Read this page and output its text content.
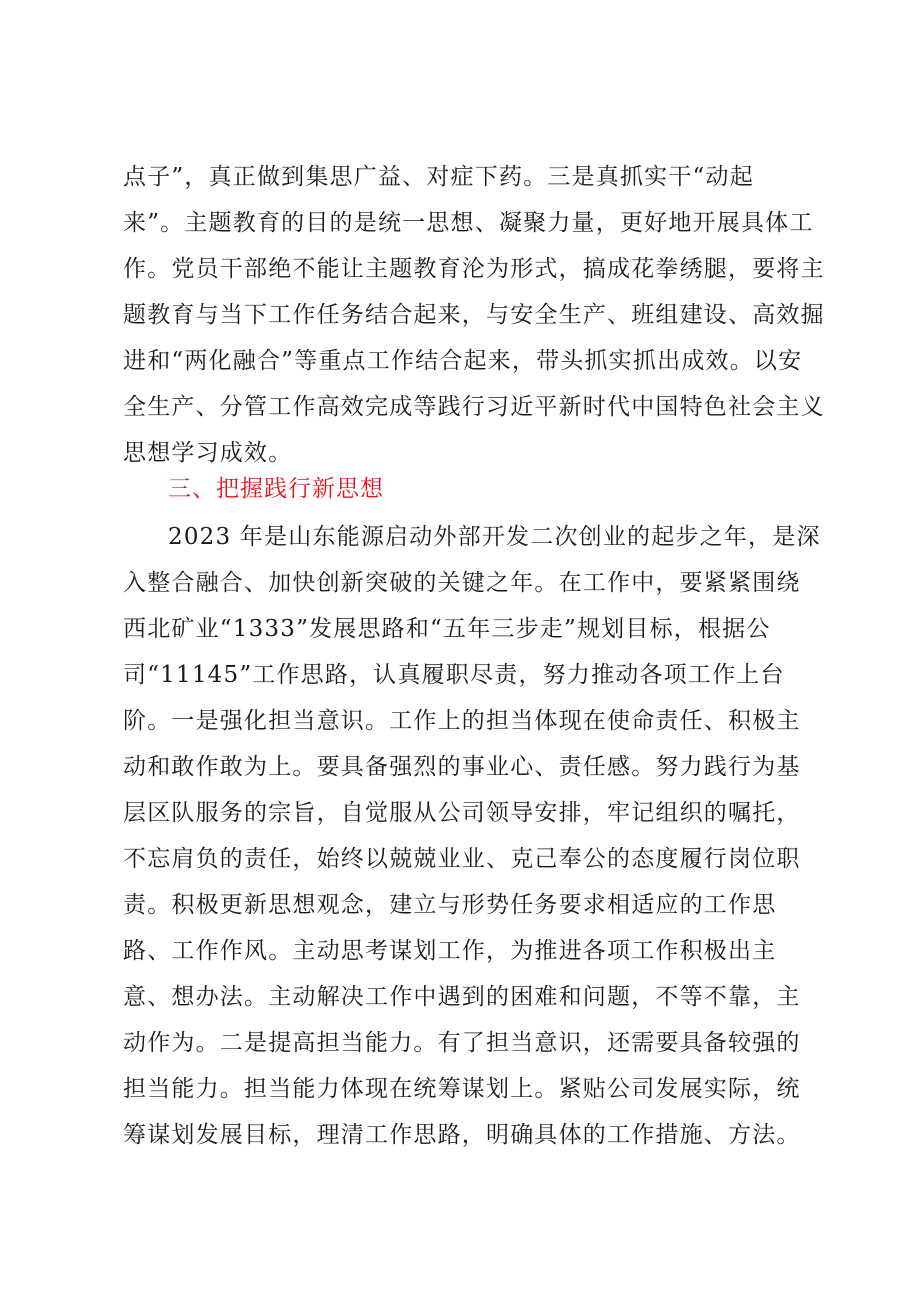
点子”，真正做到集思广益、对症下药。三是真抓实干“动起
来”。主题教育的目的是统一思想、凝聚力量，更好地开展具体工
作。党员干部绝不能让主题教育沦为形式，搞成花拳绣腿，要将主
题教育与当下工作任务结合起来，与安全生产、班组建设、高效掘
进和“两化融合”等重点工作结合起来，带头抓实抓出成效。以安
全生产、分管工作高效完成等践行习近平新时代中国特色社会主义
思想学习成效。
三、把握践行新思想
2023 年是山东能源启动外部开发二次创业的起步之年，是深
入整合融合、加快创新突破的关键之年。在工作中，要紧紧围绕
西北矿业“1333”发展思路和“五年三步走”规划目标，根据公
司“11145”工作思路，认真履职尽责，努力推动各项工作上台
阶。一是强化担当意识。工作上的担当体现在使命责任、积极主
动和敢作敢为上。要具备强烈的事业心、责任感。努力践行为基
层区队服务的宗旨，自觉服从公司领导安排，牢记组织的嘱托，
不忘肩负的责任，始终以兢兢业业、克己奉公的态度履行岗位职
责。积极更新思想观念，建立与形势任务要求相适应的工作思
路、工作作风。主动思考谋划工作，为推进各项工作积极出主
意、想办法。主动解决工作中遇到的困难和问题，不等不靠，主
动作为。二是提高担当能力。有了担当意识，还需要具备较强的
担当能力。担当能力体现在统筹谋划上。紧贴公司发展实际，统
筹谋划发展目标，理清工作思路，明确具体的工作措施、方法。
